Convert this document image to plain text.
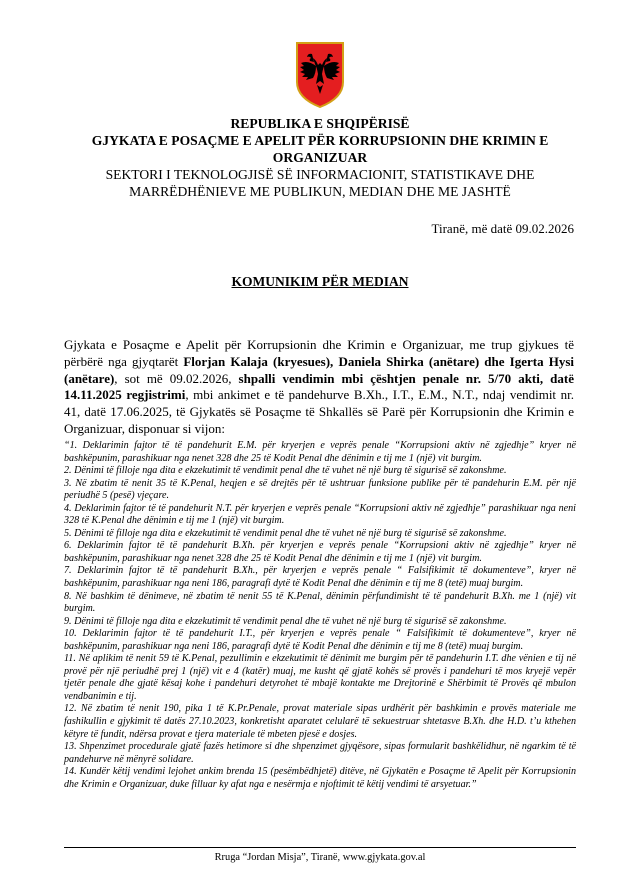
REPUBLIKA E SHQIPËRISË
GJYKATA E POSAÇME E APELIT PËR KORRUPSIONIN DHE KRIMIN E
ORGANIZUAR
SEKTORI I TEKNOLOGJISË SË INFORMACIONIT, STATISTIKAVE DHE
MARRËDHËNIEVE ME PUBLIKUN, MEDIAN DHE ME JASHTË
Tiranë, më datë 09.02.2026
KOMUNIKIM PËR MEDIAN
Gjykata e Posaçme e Apelit për Korrupsionin dhe Krimin e Organizuar, me trup gjykues të përbërë nga gjyqtarët Florjan Kalaja (kryesues), Daniela Shirka (anëtare) dhe Igerta Hysi (anëtare), sot më 09.02.2026, shpalli vendimin mbi çështjen penale nr. 5/70 akti, datë 14.11.2025 regjistrimi, mbi ankimet e të pandehurve B.Xh., I.T., E.M., N.T., ndaj vendimit nr. 41, datë 17.06.2025, të Gjykatës së Posaçme të Shkallës së Parë për Korrupsionin dhe Krimin e Organizuar, disponuar si vijon:

“1. Deklarimin fajtor të të pandehurit E.M. për kryerjen e veprës penale “Korrupsioni aktiv në zgjedhje” kryer në bashkëpunim, parashikuar nga nenet 328 dhe 25 të Kodit Penal dhe dënimin e tij me 1 (një) vit burgim.

2. Dënimi të filloje nga dita e ekzekutimit të vendimit penal dhe të vuhet në një burg të sigurisë së zakonshme.

3. Në zbatim të nenit 35 të K.Penal, heqjen e së drejtës për të ushtruar funksione publike për të pandehurin E.M. për një periudhë 5 (pesë) vjeçare.

4. Deklarimin fajtor të të pandehurit N.T. për kryerjen e veprës penale “Korrupsioni aktiv në zgjedhje” parashikuar nga neni 328 të K.Penal dhe dënimin e tij me 1 (një) vit burgim.

5. Dënimi të filloje nga dita e ekzekutimit të vendimit penal dhe të vuhet në një burg të sigurisë së zakonshme.

6. Deklarimin fajtor të të pandehurit B.Xh. për kryerjen e veprës penale “Korrupsioni aktiv në zgjedhje” kryer në bashkëpunim, parashikuar nga nenet 328 dhe 25 të Kodit Penal dhe dënimin e tij me 1 (një) vit burgim.

7. Deklarimin fajtor të të pandehurit B.Xh., për kryerjen e veprës penale “ Falsifikimit të dokumenteve”, kryer në bashkëpunim, parashikuar nga neni 186, paragrafi dytë të Kodit Penal dhe dënimin e tij me 8 (tetë) muaj burgim.

8. Në bashkim të dënimeve, në zbatim të nenit 55 të K.Penal, dënimin përfundimisht të të pandehurit B.Xh. me 1 (një) vit burgim.

9. Dënimi të filloje nga dita e ekzekutimit të vendimit penal dhe të vuhet në një burg të sigurisë së zakonshme.

10. Deklarimin fajtor të të pandehurit I.T., për kryerjen e veprës penale “ Falsifikimit të dokumenteve”, kryer në bashkëpunim, parashikuar nga neni 186, paragrafi dytë të Kodit Penal dhe dënimin e tij me 8 (tetë) muaj burgim.

11. Në aplikim të nenit 59 të K.Penal, pezullimin e ekzekutimit të dënimit me burgim për të pandehurin I.T. dhe vënien e tij në provë për një periudhë prej 1 (një) vit e 4 (katër) muaj, me kusht që gjatë kohës së provës i pandehuri të mos kryejë vepër tjetër penale dhe gjatë kësaj kohe i pandehuri detyrohet të mbajë kontakte me Drejtorinë e Shërbimit të Provës që mbulon vendbanimin e tij.

12. Në zbatim të nenit 190, pika 1 të K.Pr.Penale, provat materiale sipas urdhërit për bashkimin e provës materiale me fashikullin e gjykimit të datës 27.10.2023, konkretisht aparatet celularë të sekuestruar shtetasve B.Xh. dhe H.D. t’u kthehen këtyre të fundit, ndërsa provat e tjera materiale të mbeten pjesë e dosjes.

13. Shpenzimet procedurale gjatë fazës hetimore si dhe shpenzimet gjyqësore, sipas formularit bashkëlidhur, në ngarkim të të pandehurve në mënyrë solidare.

14. Kundër këtij vendimi lejohet ankim brenda 15 (pesëmbëdhjetë) ditëve, në Gjykatën e Posaçme të Apelit për Korrupsionin dhe Krimin e Organizuar, duke filluar ky afat nga e nesërmja e njoftimit të këtij vendimi të arsyetuar.”

Rruga “Jordan Misja”, Tiranë, www.gjykata.gov.al
